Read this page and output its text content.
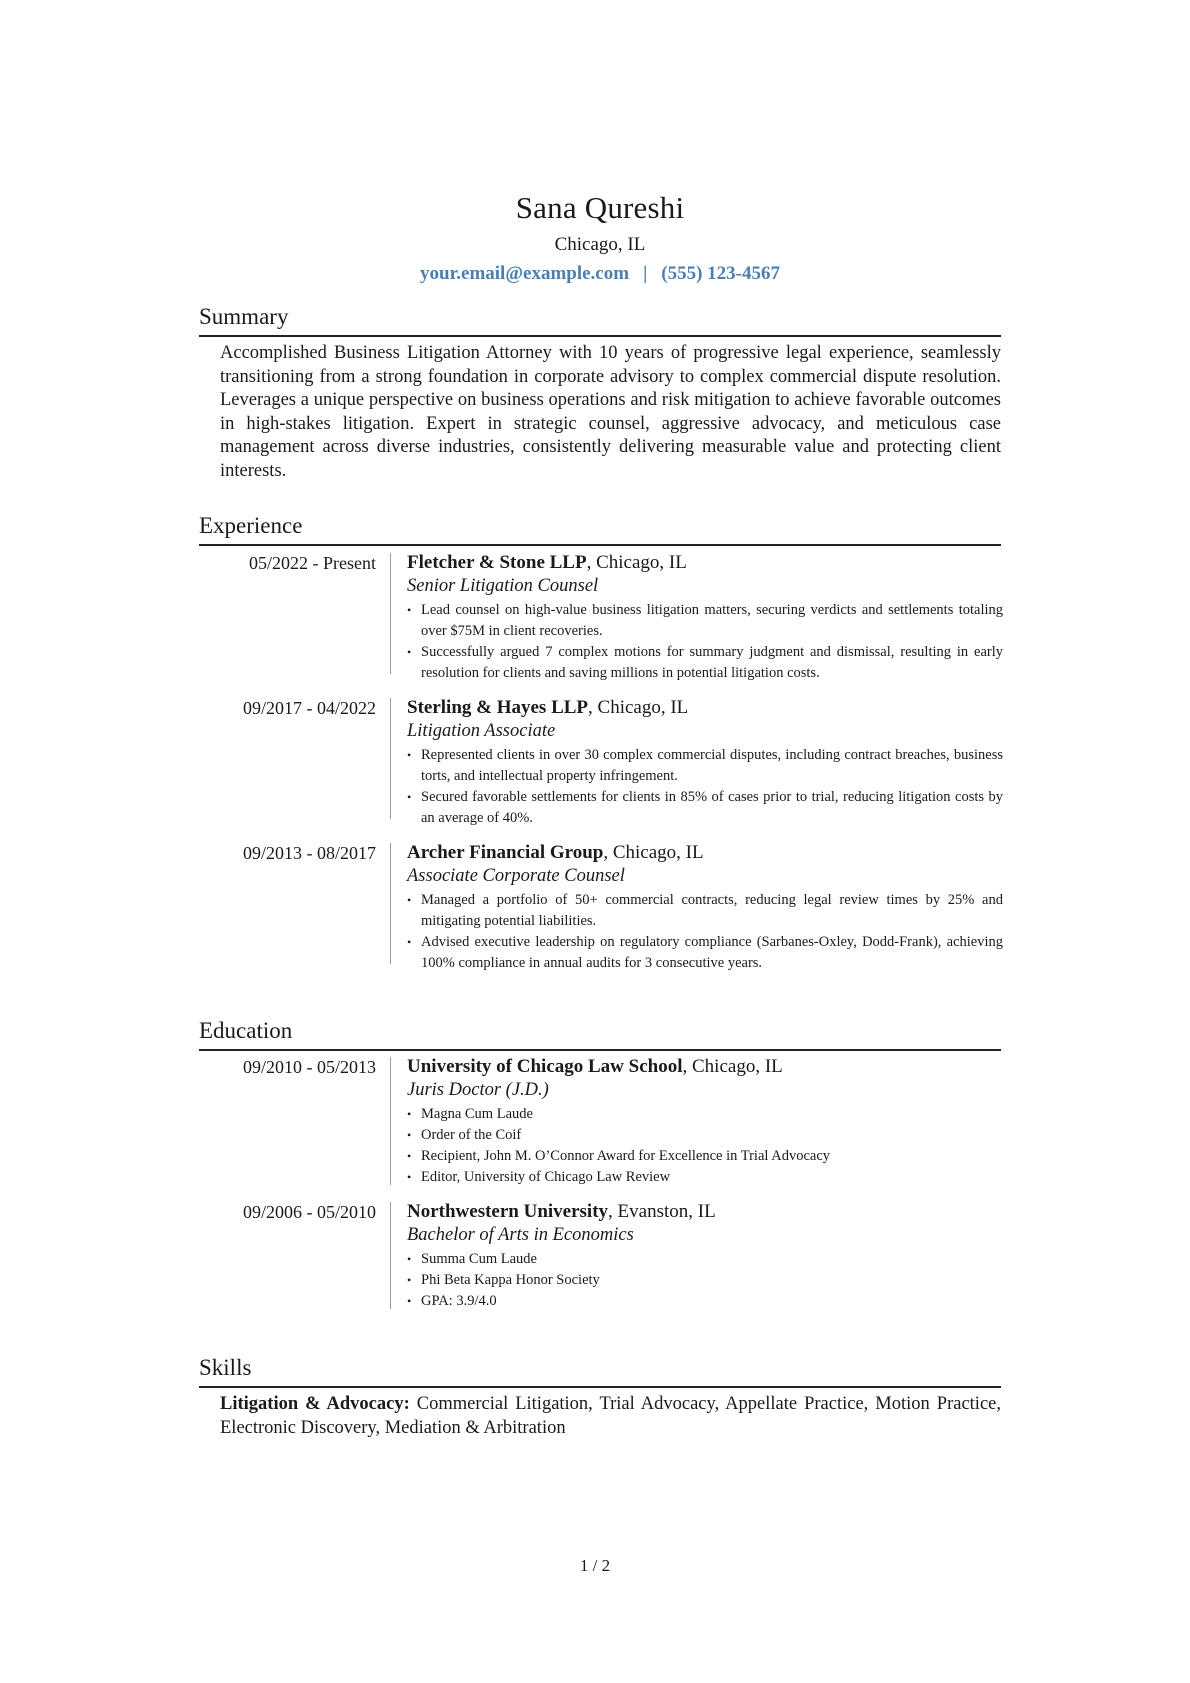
Sana Qureshi
Chicago, IL
your.email@example.com | (555) 123-4567
Summary
Accomplished Business Litigation Attorney with 10 years of progressive legal experience, seamlessly transitioning from a strong foundation in corporate advisory to complex commercial dispute resolution. Leverages a unique perspective on business operations and risk mitigation to achieve favorable outcomes in high-stakes litigation. Expert in strategic counsel, aggressive advocacy, and meticulous case management across diverse industries, consistently delivering measurable value and protecting client interests.
Experience
05/2022 - Present Fletcher & Stone LLP, Chicago, IL
Senior Litigation Counsel
• Lead counsel on high-value business litigation matters, securing verdicts and settlements totaling over $75M in client recoveries.
• Successfully argued 7 complex motions for summary judgment and dismissal, resulting in early resolution for clients and saving millions in potential litigation costs.
09/2017 - 04/2022 Sterling & Hayes LLP, Chicago, IL
Litigation Associate
• Represented clients in over 30 complex commercial disputes, including contract breaches, business torts, and intellectual property infringement.
• Secured favorable settlements for clients in 85% of cases prior to trial, reducing litigation costs by an average of 40%.
09/2013 - 08/2017 Archer Financial Group, Chicago, IL
Associate Corporate Counsel
• Managed a portfolio of 50+ commercial contracts, reducing legal review times by 25% and mitigating potential liabilities.
• Advised executive leadership on regulatory compliance (Sarbanes-Oxley, Dodd-Frank), achieving 100% compliance in annual audits for 3 consecutive years.
Education
09/2010 - 05/2013 University of Chicago Law School, Chicago, IL
Juris Doctor (J.D.)
• Magna Cum Laude
• Order of the Coif
• Recipient, John M. O’Connor Award for Excellence in Trial Advocacy
• Editor, University of Chicago Law Review
09/2006 - 05/2010 Northwestern University, Evanston, IL
Bachelor of Arts in Economics
• Summa Cum Laude
• Phi Beta Kappa Honor Society
• GPA: 3.9/4.0
Skills
Litigation & Advocacy: Commercial Litigation, Trial Advocacy, Appellate Practice, Motion Practice, Electronic Discovery, Mediation & Arbitration
1 / 2
